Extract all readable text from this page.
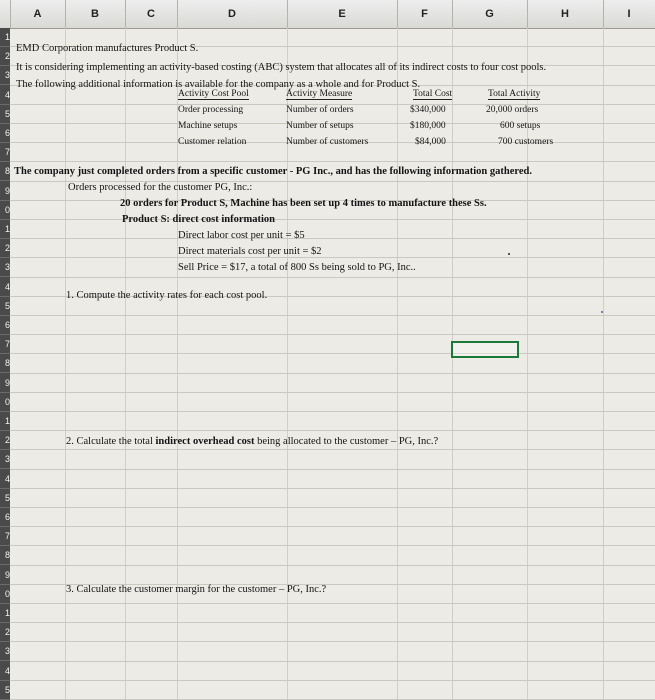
A	B	C	D	E	F	G	H	I
1
2
3
4
5
6
7
8
9
0
1
2
3
4
5
6
7
8
9
0
1
2
3
4
5
6
7
8
9
0
1
2
3
4
5
EMD Corporation manufactures Product S.
It is considering implementing an activity-based costing (ABC) system that allocates all of its indirect costs to four cost pools.
The following additional information is available for the company as a whole and for Product S.
Activity Cost Pool	Activity Measure	Total Cost	Total Activity
Order processing	Number of orders	$340,000	20,000 orders
Machine setups	Number of setups	$180,000	600 setups
Customer relation	Number of customers	$84,000	700 customers
The company just completed orders from a specific customer - PG Inc., and has the following information gathered.
Orders processed for the customer PG, Inc.:
20 orders for Product S, Machine has been set up 4 times to manufacture these Ss.
Product S: direct cost information
Direct labor cost per unit = $5
Direct materials cost per unit = $2
Sell Price = $17, a total of 800 Ss being sold to PG, Inc..
1. Compute the activity rates for each cost pool.
2. Calculate the total indirect overhead cost being allocated to the customer – PG, Inc.?
3. Calculate the customer margin for the customer – PG, Inc.?
